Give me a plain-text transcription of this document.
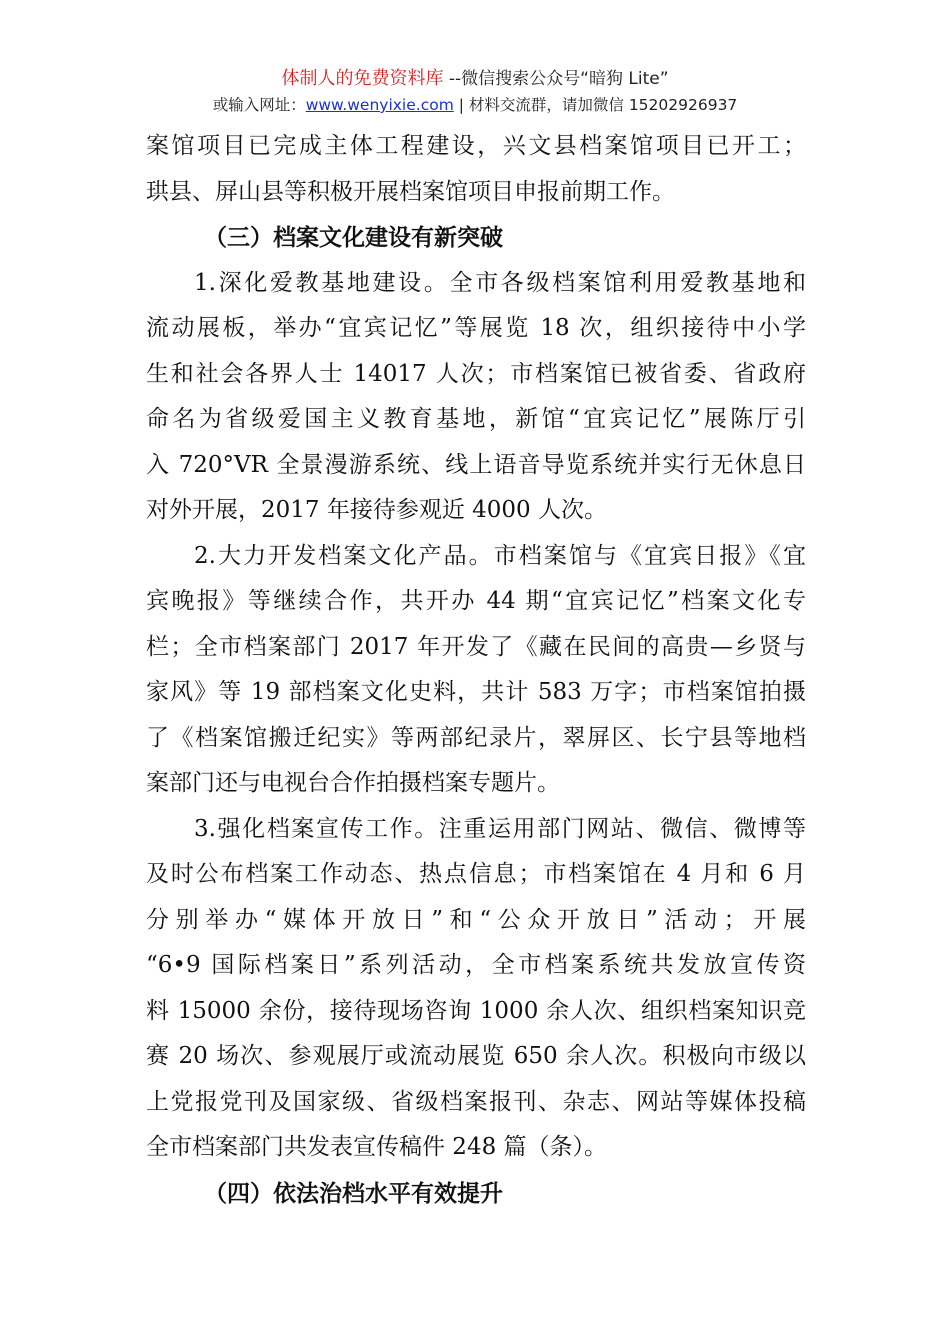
体制人的免费资料库 --微信搜索公众号“暗狗 Lite”
或输入网址：www.wenyixie.com | 材料交流群，请加微信 15202926937
案馆项目已完成主体工程建设，兴文县档案馆项目已开工；
珙县、屏山县等积极开展档案馆项目申报前期工作。
（三）档案文化建设有新突破
1.深化爱教基地建设。全市各级档案馆利用爱教基地和
流动展板，举办“宜宾记忆”等展览 18 次，组织接待中小学
生和社会各界人士 14017 人次；市档案馆已被省委、省政府
命名为省级爱国主义教育基地，新馆“宜宾记忆”展陈厅引
入 720°VR 全景漫游系统、线上语音导览系统并实行无休息日
对外开展，2017 年接待参观近 4000 人次。
2.大力开发档案文化产品。市档案馆与《宜宾日报》《宜
宾晚报》等继续合作，共开办 44 期“宜宾记忆”档案文化专
栏；全市档案部门 2017 年开发了《藏在民间的高贵—乡贤与
家风》等 19 部档案文化史料，共计 583 万字；市档案馆拍摄
了《档案馆搬迁纪实》等两部纪录片，翠屏区、长宁县等地档
案部门还与电视台合作拍摄档案专题片。
3.强化档案宣传工作。注重运用部门网站、微信、微博等
及时公布档案工作动态、热点信息；市档案馆在 4 月和 6 月
分别举办“媒体开放日”和“公众开放日”活动；开展
“6•9 国际档案日”系列活动，全市档案系统共发放宣传资
料 15000 余份，接待现场咨询 1000 余人次、组织档案知识竞
赛 20 场次、参观展厅或流动展览 650 余人次。积极向市级以
上党报党刊及国家级、省级档案报刊、杂志、网站等媒体投稿
全市档案部门共发表宣传稿件 248 篇（条）。
（四）依法治档水平有效提升
